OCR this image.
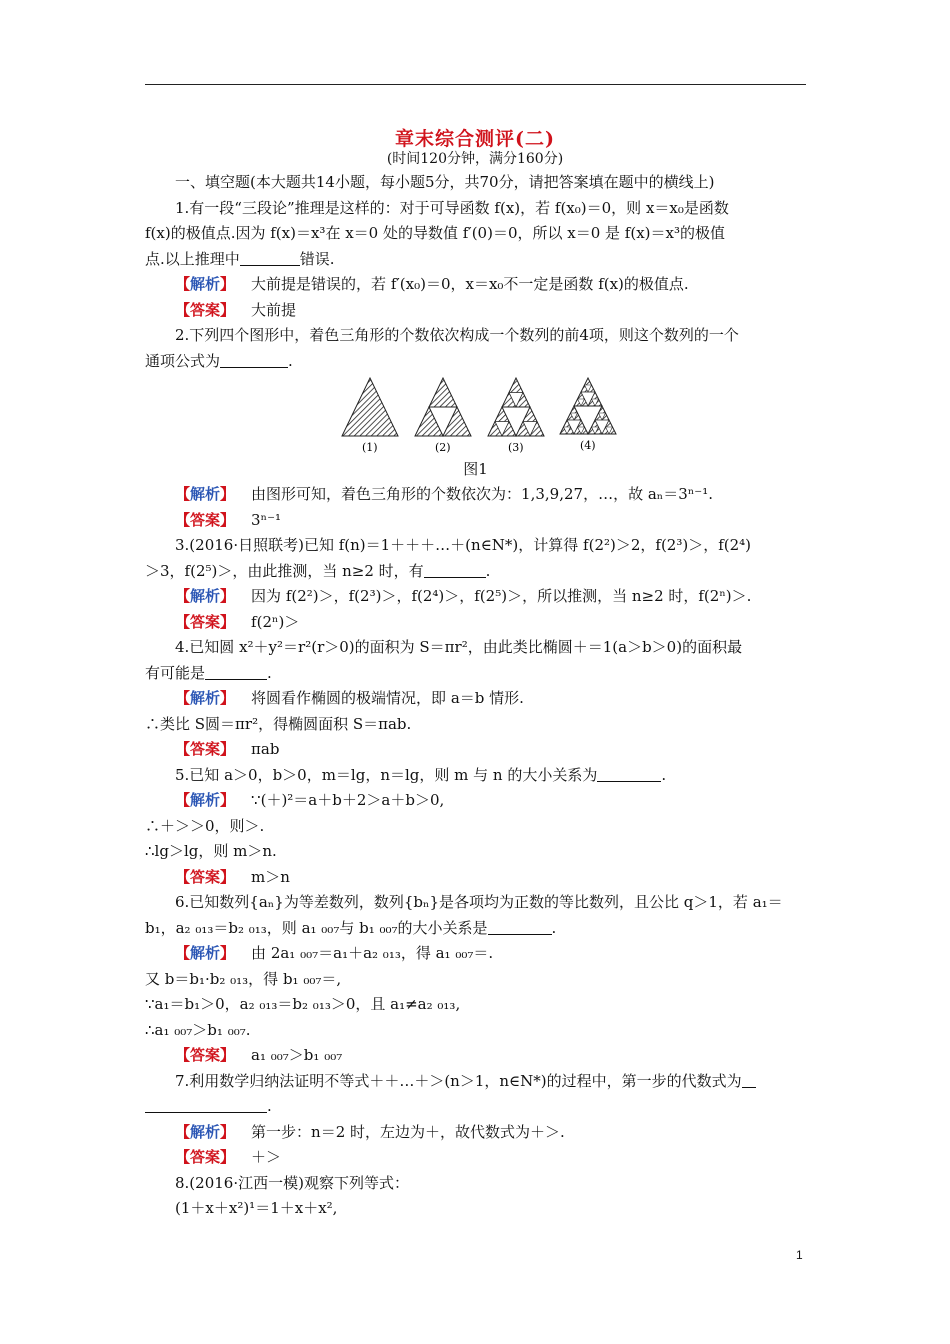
章末综合测评(二)
(时间120分钟，满分160分)
一、填空题(本大题共14小题，每小题5分，共70分，请把答案填在题中的横线上)
1.有一段“三段论”推理是这样的：对于可导函数 f(x)，若 f(x₀)＝0，则 x＝x₀是函数
f(x)的极值点.因为 f(x)＝x³在 x＝0 处的导数值 f′(0)＝0，所以 x＝0 是 f(x)＝x³的极值
点.以上推理中	错误.
【解析】 大前提是错误的，若 f′(x₀)＝0，x＝x₀不一定是函数 f(x)的极值点.
【答案】 大前提
2.下列四个图形中，着色三角形的个数依次构成一个数列的前4项，则这个数列的一个
通项公式为	.
(1)	(2)	(3)	(4)
图1
【解析】 由图形可知，着色三角形的个数依次为：1,3,9,27，…，故 aₙ＝3ⁿ⁻¹.
【答案】 3ⁿ⁻¹
3.(2016·日照联考)已知 f(n)＝1＋＋＋…＋(n∈N*)，计算得 f(2²)＞2，f(2³)＞，f(2⁴)
＞3，f(2⁵)＞，由此推测，当 n≥2 时，有	.
【解析】 因为 f(2²)＞，f(2³)＞，f(2⁴)＞，f(2⁵)＞，所以推测，当 n≥2 时，f(2ⁿ)＞.
【答案】 f(2ⁿ)＞
4.已知圆 x²＋y²＝r²(r＞0)的面积为 S＝πr²，由此类比椭圆＋＝1(a＞b＞0)的面积最
有可能是	.
【解析】 将圆看作椭圆的极端情况，即 a＝b 情形.
∴类比 S圆＝πr²，得椭圆面积 S＝πab.
【答案】 πab
5.已知 a＞0，b＞0，m＝lg，n＝lg，则 m 与 n 的大小关系为	.
【解析】 ∵(＋)²＝a＋b＋2＞a＋b＞0,
∴＋＞＞0，则＞.
∴lg＞lg，则 m＞n.
【答案】 m＞n
6.已知数列{aₙ}为等差数列，数列{bₙ}是各项均为正数的等比数列，且公比 q＞1，若 a₁＝
b₁，a₂ ₀₁₃＝b₂ ₀₁₃，则 a₁ ₀₀₇与 b₁ ₀₀₇的大小关系是	.
【解析】 由 2a₁ ₀₀₇＝a₁＋a₂ ₀₁₃，得 a₁ ₀₀₇＝.
又 b＝b₁·b₂ ₀₁₃，得 b₁ ₀₀₇＝,
∵a₁＝b₁＞0，a₂ ₀₁₃＝b₂ ₀₁₃＞0，且 a₁≠a₂ ₀₁₃,
∴a₁ ₀₀₇＞b₁ ₀₀₇.
【答案】 a₁ ₀₀₇＞b₁ ₀₀₇
7.利用数学归纳法证明不等式＋＋…＋＞(n＞1，n∈N*)的过程中，第一步的代数式为
.
【解析】 第一步：n＝2 时，左边为＋，故代数式为＋＞.
【答案】 ＋＞
8.(2016·江西一模)观察下列等式：
(1＋x＋x²)¹＝1＋x＋x²,
1
